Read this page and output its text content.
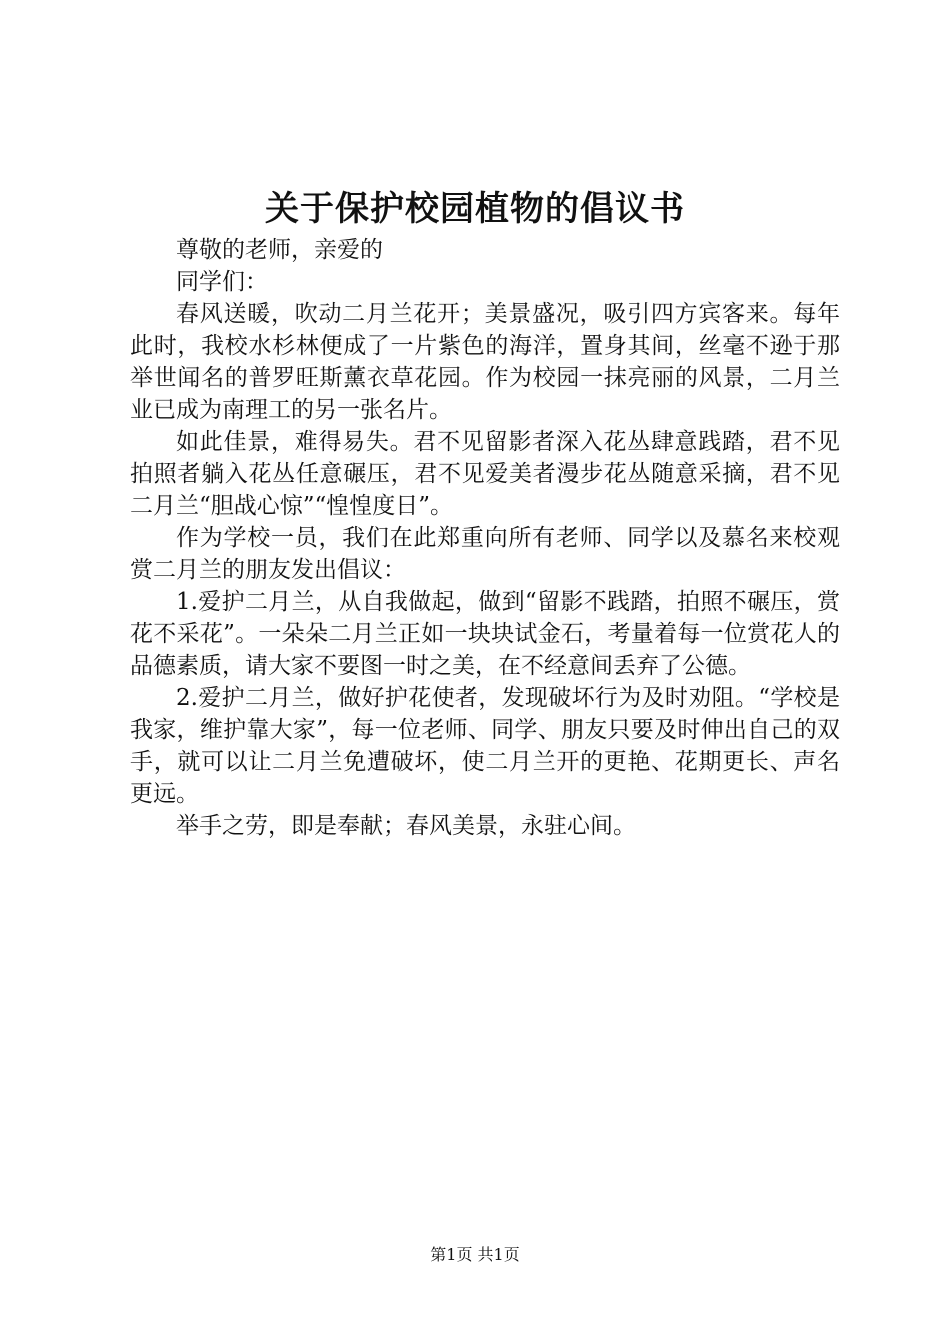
关于保护校园植物的倡议书

尊敬的老师，亲爱的

同学们：

春风送暖，吹动二月兰花开；美景盛况，吸引四方宾客来。每年此时，我校水杉林便成了一片紫色的海洋，置身其间，丝毫不逊于那举世闻名的普罗旺斯薰衣草花园。作为校园一抹亮丽的风景，二月兰业已成为南理工的另一张名片。

如此佳景，难得易失。君不见留影者深入花丛肆意践踏，君不见拍照者躺入花丛任意碾压，君不见爱美者漫步花丛随意采摘，君不见二月兰“胆战心惊”“惶惶度日”。

作为学校一员，我们在此郑重向所有老师、同学以及慕名来校观赏二月兰的朋友发出倡议：

1.爱护二月兰，从自我做起，做到“留影不践踏，拍照不碾压，赏花不采花”。一朵朵二月兰正如一块块试金石，考量着每一位赏花人的品德素质，请大家不要图一时之美，在不经意间丢弃了公德。

2.爱护二月兰，做好护花使者，发现破坏行为及时劝阻。“学校是我家，维护靠大家”，每一位老师、同学、朋友只要及时伸出自己的双手，就可以让二月兰免遭破坏，使二月兰开的更艳、花期更长、声名更远。

举手之劳，即是奉献；春风美景，永驻心间。

第1页 共1页
